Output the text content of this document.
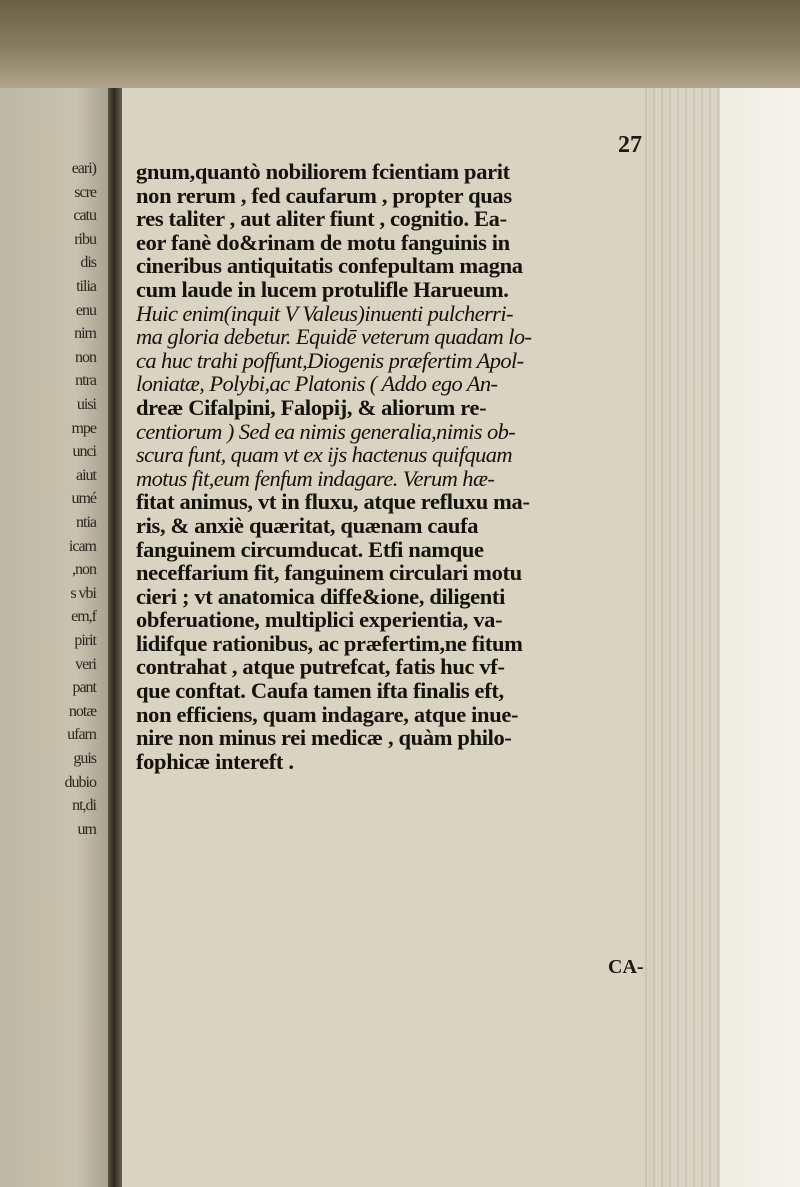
eari)
scre
catu
ribu
dis
tilia
enu
nim
non
ntra
uisi
mpe
unci
aiut
umé
ntia
icam
,non
s vbi
em,f
pirit
veri
pant
notæ
ufam
guis
dubio
nt,di
um
27
gnum,quantò nobiliorem fcientiam parit
non rerum , fed caufarum , propter quas
res taliter , aut aliter fiunt , cognitio. Ea-
eor fanè do&rinam de motu fanguinis in
cineribus antiquitatis confepultam magna
cum laude in lucem protulifle Harueum.
Huic enim(inquit V Valeus)inuenti pulcherri-
ma gloria debetur. Equidē veterum quadam lo-
ca huc trahi poffunt,Diogenis præfertim Apol-
loniatæ, Polybi,ac Platonis ( Addo ego An-
dreæ Cifalpini, Falopij, & aliorum re-
centiorum ) Sed ea nimis generalia,nimis ob-
scura funt, quam vt ex ijs hactenus quifquam
motus fit,eum fenfum indagare. Verum hæ-
fitat animus, vt in fluxu, atque refluxu ma-
ris, & anxiè quæritat, quænam caufa
fanguinem circumducat. Etfi namque
neceffarium fit, fanguinem circulari motu
cieri ; vt anatomica diffe&ione, diligenti
obferuatione, multiplici experientia, va-
lidifque rationibus, ac præfertim,ne fitum
contrahat , atque putrefcat, fatis huc vf-
que conftat. Caufa tamen ifta finalis eft,
non efficiens, quam indagare, atque inue-
nire non minus rei medicæ , quàm philo-
fophicæ intereft .
CA-
